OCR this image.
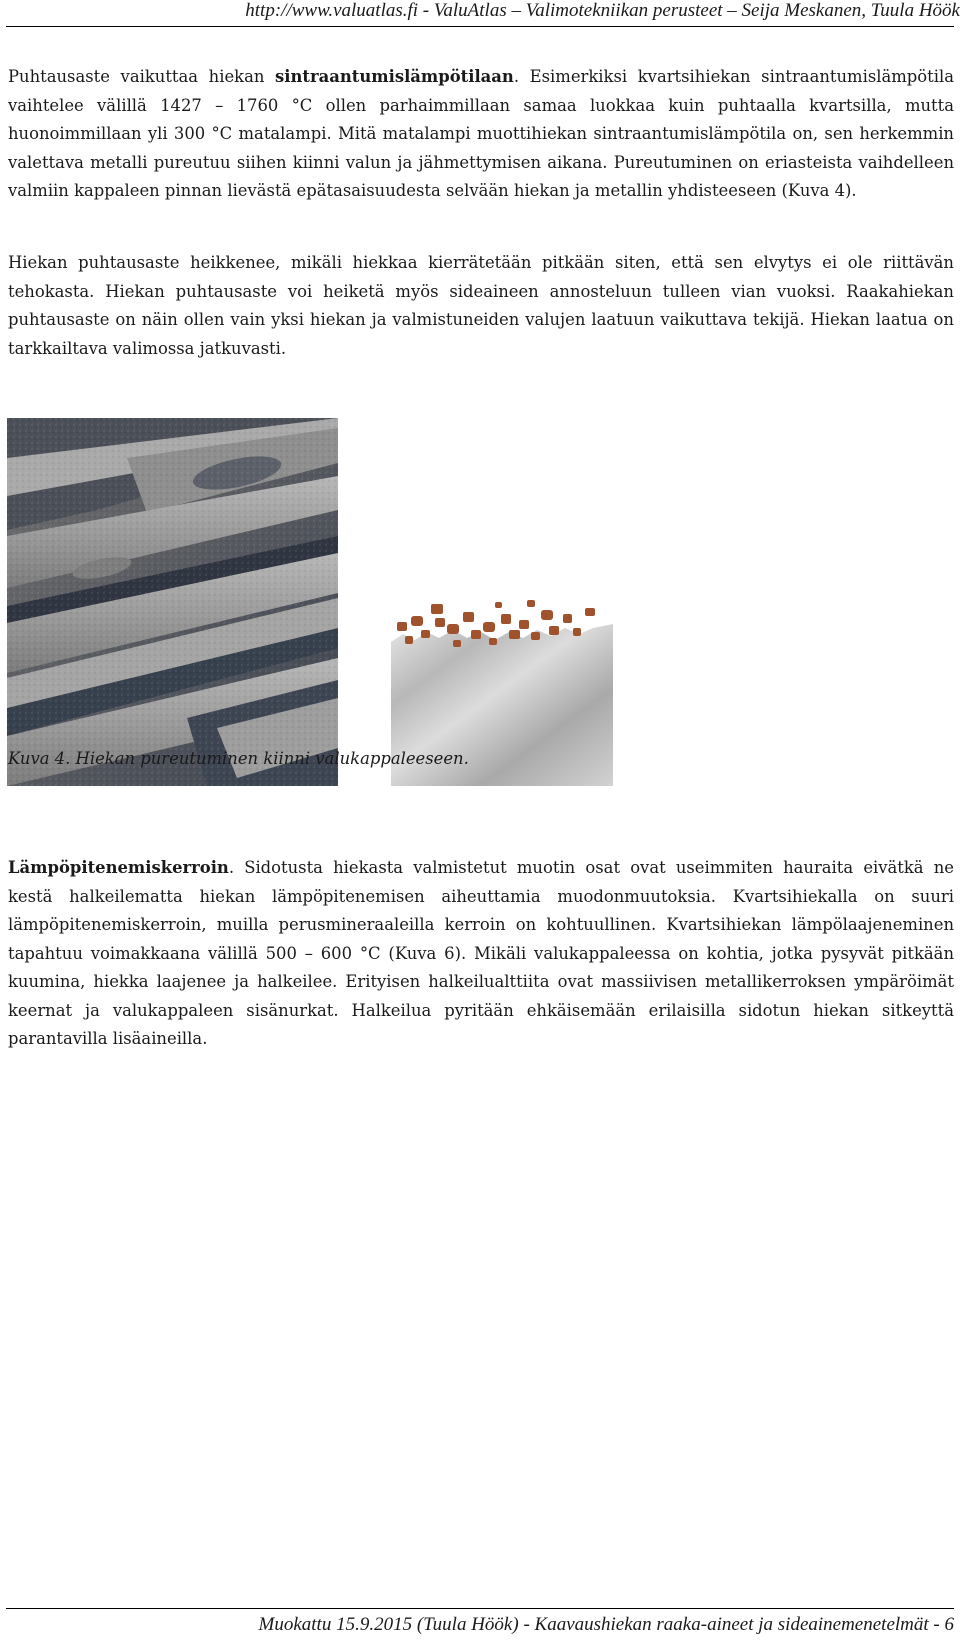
http://www.valuatlas.fi - ValuAtlas – Valimotekniikan perusteet – Seija Meskanen, Tuula Höök

Puhtausaste vaikuttaa hiekan sintraantumislämpötilaan. Esimerkiksi kvartsihiekan sintraantumislämpötila vaihtelee välillä 1427 – 1760 °C ollen parhaimmillaan samaa luokkaa kuin puhtaalla kvartsilla, mutta huonoimmillaan yli 300 °C matalampi. Mitä matalampi muottihiekan sintraantumislämpötila on, sen herkemmin valettava metalli pureutuu siihen kiinni valun ja jähmettymisen aikana. Pureutuminen on eriasteista vaihdelleen valmiin kappaleen pinnan lievästä epätasaisuudesta selvään hiekan ja metallin yhdisteeseen (Kuva 4).

Hiekan puhtausaste heikkenee, mikäli hiekkaa kierrätetään pitkään siten, että sen elvytys ei ole riittävän tehokasta. Hiekan puhtausaste voi heiketä myös sideaineen annosteluun tulleen vian vuoksi. Raakahiekan puhtausaste on näin ollen vain yksi hiekan ja valmistuneiden valujen laatuun vaikuttava tekijä. Hiekan laatua on tarkkailtava valimossa jatkuvasti.

Kuva 4. Hiekan pureutuminen kiinni valukappaleeseen.

Lämpöpitenemiskerroin. Sidotusta hiekasta valmistetut muotin osat ovat useimmiten hauraita eivätkä ne kestä halkeilematta hiekan lämpöpitenemisen aiheuttamia muodonmuutoksia. Kvartsihiekalla on suuri lämpöpitenemiskerroin, muilla perusmineraaleilla kerroin on kohtuullinen. Kvartsihiekan lämpölaajeneminen tapahtuu voimakkaana välillä 500 – 600 °C (Kuva 6). Mikäli valukappaleessa on kohtia, jotka pysyvät pitkään kuumina, hiekka laajenee ja halkeilee. Erityisen halkeilualttiita ovat massiivisen metallikerroksen ympäröimät keernat ja valukappaleen sisänurkat. Halkeilua pyritään ehkäisemään erilaisilla sidotun hiekan sitkeyttä parantavilla lisäaineilla.

Muokattu 15.9.2015 (Tuula Höök) - Kaavaushiekan raaka-aineet ja sideainemenetelmät - 6
